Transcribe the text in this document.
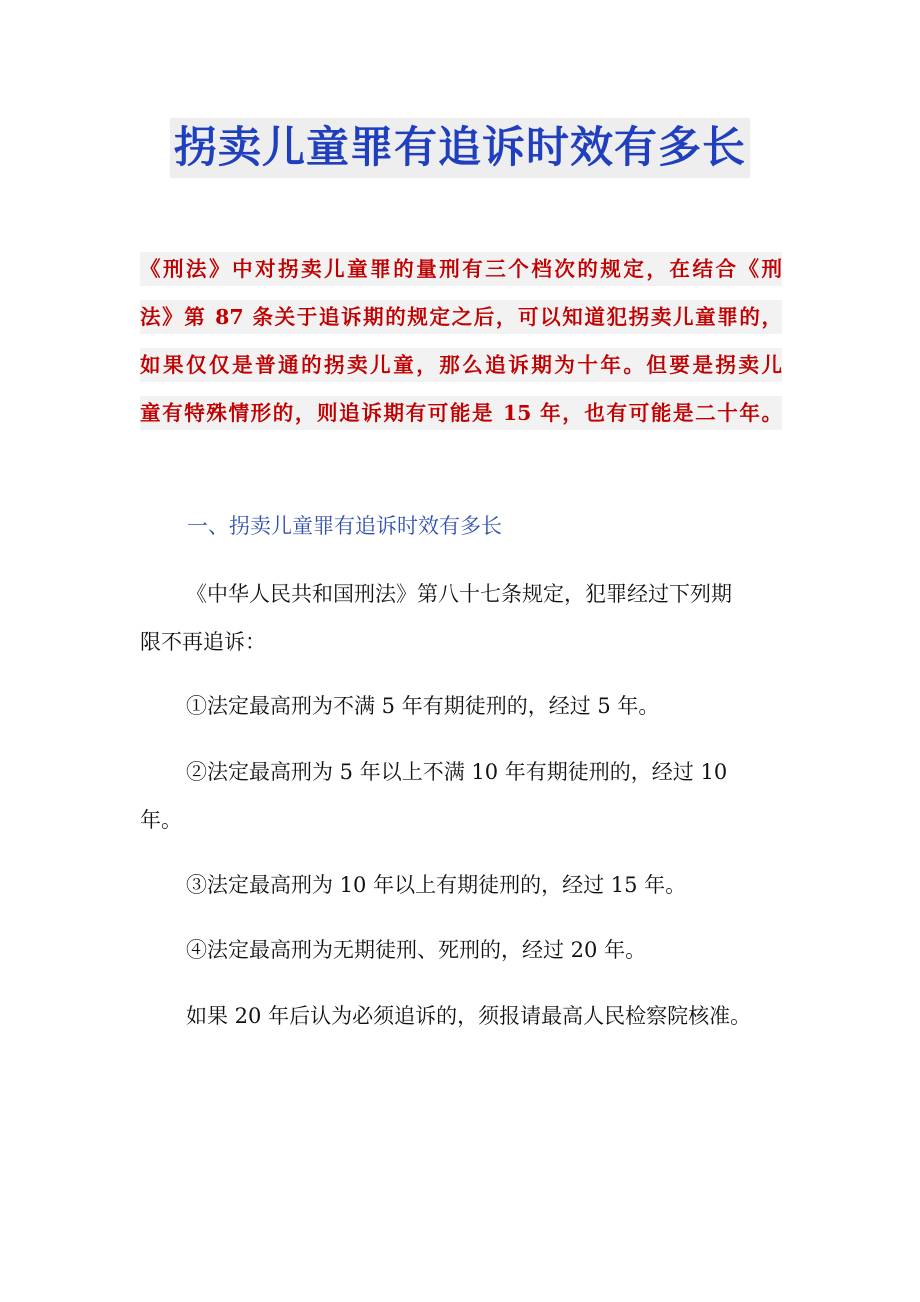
拐卖儿童罪有追诉时效有多长
《刑法》中对拐卖儿童罪的量刑有三个档次的规定，在结合《刑
法》第 87 条关于追诉期的规定之后，可以知道犯拐卖儿童罪的，
如果仅仅是普通的拐卖儿童，那么追诉期为十年。但要是拐卖儿
童有特殊情形的，则追诉期有可能是 15 年，也有可能是二十年。
一、拐卖儿童罪有追诉时效有多长
《中华人民共和国刑法》第八十七条规定，犯罪经过下列期
限不再追诉：
①法定最高刑为不满 5 年有期徒刑的，经过 5 年。
②法定最高刑为 5 年以上不满 10 年有期徒刑的，经过 10
年。
③法定最高刑为 10 年以上有期徒刑的，经过 15 年。
④法定最高刑为无期徒刑、死刑的，经过 20 年。
如果 20 年后认为必须追诉的，须报请最高人民检察院核准。
